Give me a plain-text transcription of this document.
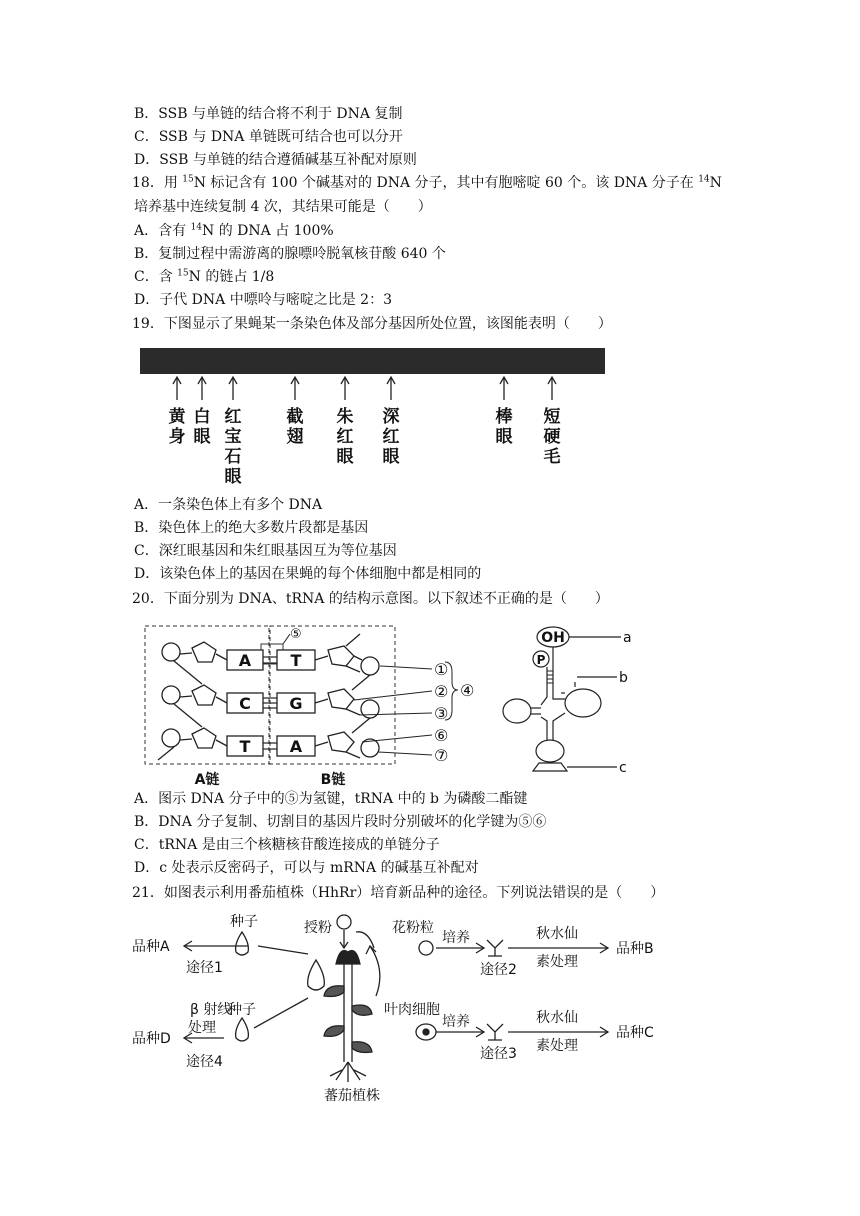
B．SSB 与单链的结合将不利于 DNA 复制
C．SSB 与 DNA 单链既可结合也可以分开
D．SSB 与单链的结合遵循碱基互补配对原则
18．用 $^{15}$N 标记含有 100 个碱基对的 DNA 分子，其中有胞嘧啶 60 个。该 DNA 分子在 $^{14}$N
培养基中连续复制 4 次，其结果可能是（　　）
A．含有 $^{14}$N 的 DNA 占 100%
B．复制过程中需游离的腺嘌呤脱氧核苷酸 640 个
C．含 $^{15}$N 的链占 1/8
D．子代 DNA 中嘌呤与嘧啶之比是 2：3
19．下图显示了果蝇某一条染色体及部分基因所处位置，该图能表明（　　）
黄
身
白
眼
红
宝
石
眼
截
翅
朱
红
眼
深
红
眼
棒
眼
短
硬
毛
A．一条染色体上有多个 DNA
B．染色体上的绝大多数片段都是基因
C．深红眼基因和朱红眼基因互为等位基因
D．该染色体上的基因在果蝇的每个体细胞中都是相同的
20．下面分别为 DNA、tRNA 的结构示意图。以下叙述不正确的是（　　）
A
C
T
T
G
A
⑤
①
②
③
④
⑥
⑦
A链	B链
OH
P
a
b
c
A．图示 DNA 分子中的⑤为氢键，tRNA 中的 b 为磷酸二酯键
B．DNA 分子复制、切割目的基因片段时分别破坏的化学键为⑤⑥
C．tRNA 是由三个核糖核苷酸连接成的单链分子
D．c 处表示反密码子，可以与 mRNA 的碱基互补配对
21．如图表示利用番茄植株（HhRr）培育新品种的途径。下列说法错误的是（　　）
品种A
种子
途径1
授粉	花粉粒
培养
途径2
秋水仙
素处理
品种B
β 射线
处理
种子
品种D
途径4
叶肉细胞
培养
途径3
秋水仙
素处理
品种C
蕃茄植株
